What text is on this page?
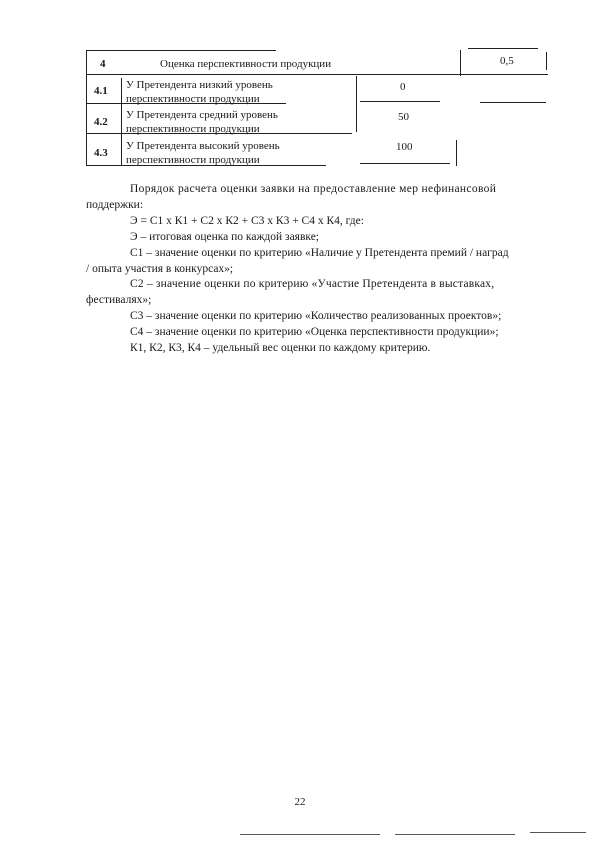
4	Оценка перспективности продукции	0,5
4.1 У Претендента низкий уровень
перспективности продукции
0
4.2
У Претендента средний уровень
перспективности продукции
50
4.3
У Претендента высокий уровень
перспективности продукции
100
Порядок расчета оценки заявки на предоставление мер нефинансовой
поддержки:
Э = С1 х К1 + С2 х К2 + С3 х К3 + С4 х К4, где:
Э – итоговая оценка по каждой заявке;
С1 – значение оценки по критерию «Наличие у Претендента премий / наград
/ опыта участия в конкурсах»;
С2 – значение оценки по критерию «Участие Претендента в выставках,
фестивалях»;
С3 – значение оценки по критерию «Количество реализованных проектов»;
С4 – значение оценки по критерию «Оценка перспективности продукции»;
К1, К2, К3, К4 – удельный вес оценки по каждому критерию.
22
